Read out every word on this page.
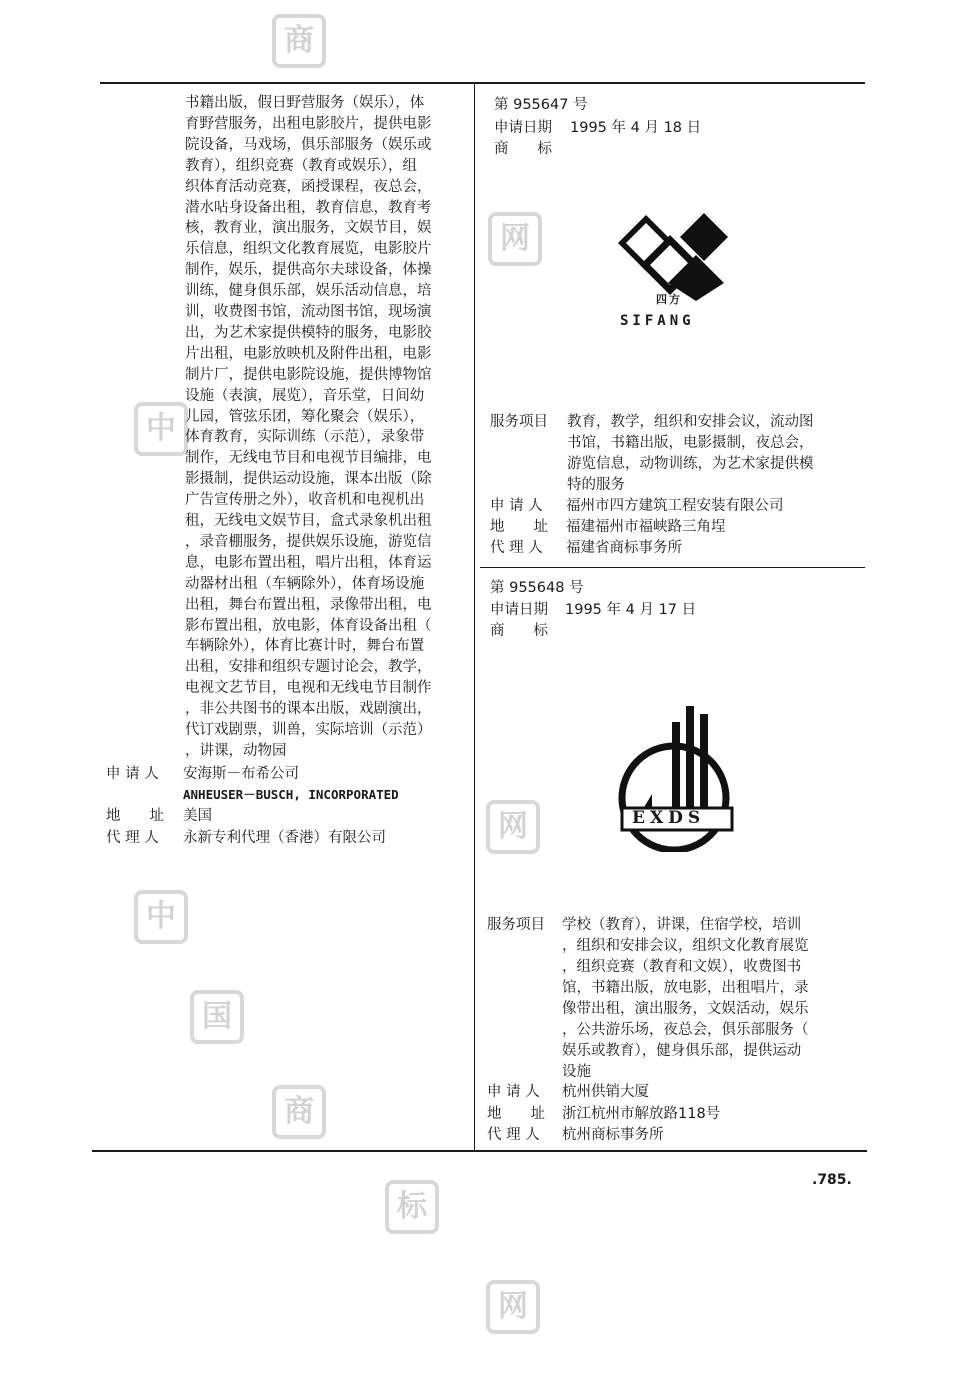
商
网
中
中
国
商
标
网
网
书籍出版，假日野营服务（娱乐），体
育野营服务，出租电影胶片，提供电影
院设备，马戏场，俱乐部服务（娱乐或
教育），组织竞赛（教育或娱乐），组
织体育活动竞赛，函授课程，夜总会，
潜水呫身设备出租，教育信息，教育考
核，教育业，演出服务，文娱节目，娱
乐信息，组织文化教育展览，电影胶片
制作，娱乐，提供高尔夫球设备，体操
训练，健身俱乐部，娱乐活动信息，培
训，收费图书馆，流动图书馆，现场演
出，为艺术家提供模特的服务，电影胶
片出租，电影放映机及附件出租，电影
制片厂，提供电影院设施，提供博物馆
设施（表演，展览），音乐堂，日间幼
儿园，管弦乐团，筹化聚会（娱乐），
体育教育，实际训练（示范），录象带
制作，无线电节目和电视节目编排，电
影摄制，提供运动设施，课本出版（除
广告宣传册之外），收音机和电视机出
租，无线电文娱节目，盒式录象机出租
，录音棚服务，提供娱乐设施，游览信
息，电影布置出租，唱片出租，体育运
动器材出租（车辆除外），体育场设施
出租，舞台布置出租，录像带出租，电
影布置出租，放电影，体育设备出租（
车辆除外），体育比赛计时，舞台布置
出租，安排和组织专题讨论会，教学，
电视文艺节目，电视和无线电节目制作
，非公共图书的课本出版，戏剧演出，
代订戏剧票，训兽，实际培训（示范）
，讲课，动物园
申 请 人 安海斯－布希公司
ANHEUSER－BUSCH, INCORPORATED
地　　址 美国
代 理 人 永新专利代理（香港）有限公司
第 955647 号
申请日期 1995 年 4 月 18 日
商　　标
四方
SIFANG
服务项目 教育，教学，组织和安排会议，流动图
书馆，书籍出版，电影摄制，夜总会，
游览信息，动物训练，为艺术家提供模
特的服务
申 请 人 福州市四方建筑工程安装有限公司
地　　址 福建福州市福峡路三角埕
代 理 人 福建省商标事务所
第 955648 号
申请日期 1995 年 4 月 17 日
商　　标
EXDS
服务项目 学校（教育），讲课，住宿学校，培训
，组织和安排会议，组织文化教育展览
，组织竞赛（教育和文娱），收费图书
馆，书籍出版，放电影，出租唱片，录
像带出租，演出服务，文娱活动，娱乐
，公共游乐场，夜总会，俱乐部服务（
娱乐或教育），健身俱乐部，提供运动
设施
申 请 人 杭州供销大厦
地　　址 浙江杭州市解放路118号
代 理 人 杭州商标事务所
.785.
